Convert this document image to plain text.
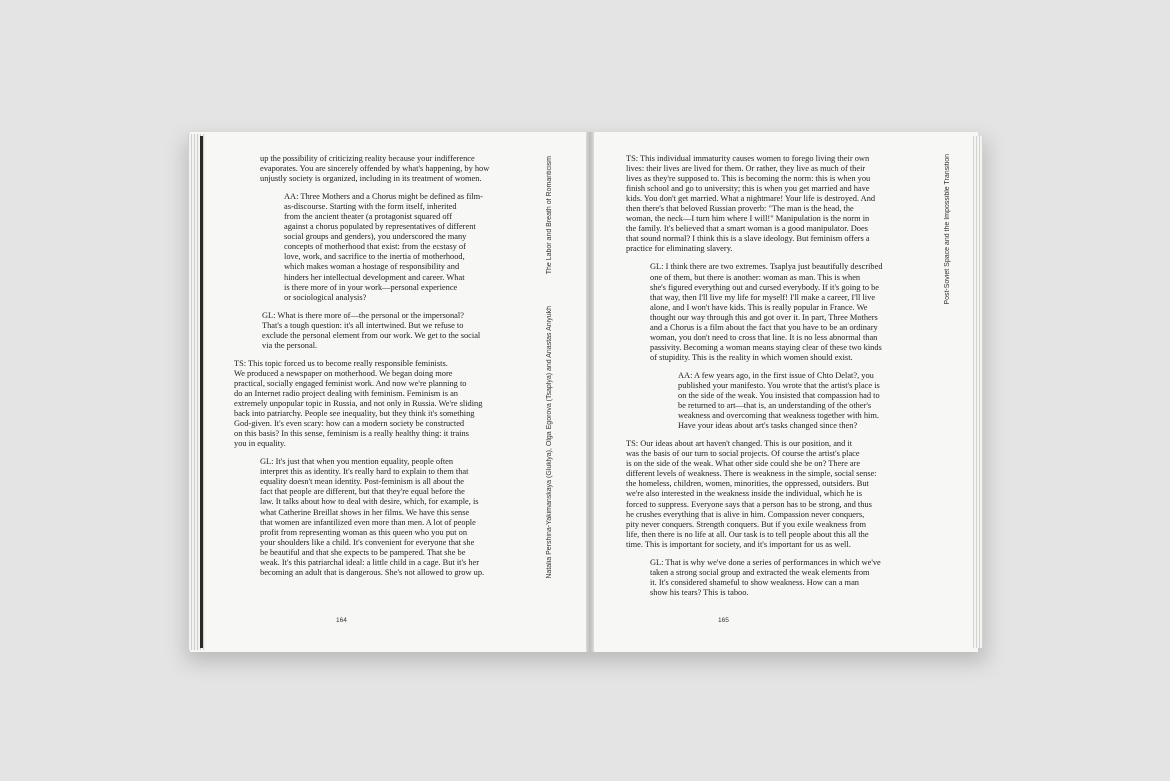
up the possibility of criticizing reality because your indifference
evaporates. You are sincerely offended by what's happening, by how
unjustly society is organized, including in its treatment of women.

AA: Three Mothers and a Chorus might be defined as film-
as-discourse. Starting with the form itself, inherited
from the ancient theater (a protagonist squared off
against a chorus populated by representatives of different
social groups and genders), you underscored the many
concepts of motherhood that exist: from the ecstasy of
love, work, and sacrifice to the inertia of motherhood,
which makes woman a hostage of responsibility and
hinders her intellectual development and career. What
is there more of in your work—personal experience
or sociological analysis?

GL: What is there more of—the personal or the impersonal?
That's a tough question: it's all intertwined. But we refuse to
exclude the personal element from our work. We get to the social
via the personal.

TS: This topic forced us to become really responsible feminists.
We produced a newspaper on motherhood. We began doing more
practical, socially engaged feminist work. And now we're planning to
do an Internet radio project dealing with feminism. Feminism is an
extremely unpopular topic in Russia, and not only in Russia. We're sliding
back into patriarchy. People see inequality, but they think it's something
God-given. It's even scary: how can a modern society be constructed
on this basis? In this sense, feminism is a really healthy thing: it trains
you in equality.

GL: It's just that when you mention equality, people often
interpret this as identity. It's really hard to explain to them that
equality doesn't mean identity. Post-feminism is all about the
fact that people are different, but that they're equal before the
law. It talks about how to deal with desire, which, for example, is
what Catherine Breillat shows in her films. We have this sense
that women are infantilized even more than men. A lot of people
profit from representing woman as this queen who you put on
your shoulders like a child. It's convenient for everyone that she
be beautiful and that she expects to be pampered. That she be
weak. It's this patriarchal ideal: a little child in a cage. But it's her
becoming an adult that is dangerous. She's not allowed to grow up.

The Labor and Breath of Romanticism
Natalia Pershina-Yakimanskaya (Gluklya), Olga Egorova (Tsaplya) and Anastas Aniyukh
164

TS: This individual immaturity causes women to forego living their own
lives: their lives are lived for them. Or rather, they live as much of their
lives as they're supposed to. This is becoming the norm: this is when you
finish school and go to university; this is when you get married and have
kids. You don't get married. What a nightmare! Your life is destroyed. And
then there's that beloved Russian proverb: "The man is the head, the
woman, the neck—I turn him where I will!" Manipulation is the norm in
the family. It's believed that a smart woman is a good manipulator. Does
that sound normal? I think this is a slave ideology. But feminism offers a
practice for eliminating slavery.

GL: I think there are two extremes. Tsaplya just beautifully described
one of them, but there is another: woman as man. This is when
she's figured everything out and cursed everybody. If it's going to be
that way, then I'll live my life for myself! I'll make a career, I'll live
alone, and I won't have kids. This is really popular in France. We
thought our way through this and got over it. In part, Three Mothers
and a Chorus is a film about the fact that you have to be an ordinary
woman, you don't need to cross that line. It is no less abnormal than
passivity. Becoming a woman means staying clear of these two kinds
of stupidity. This is the reality in which women should exist.

AA: A few years ago, in the first issue of Chto Delat?, you
published your manifesto. You wrote that the artist's place is
on the side of the weak. You insisted that compassion had to
be returned to art—that is, an understanding of the other's
weakness and overcoming that weakness together with him.
Have your ideas about art's tasks changed since then?

TS: Our ideas about art haven't changed. This is our position, and it
was the basis of our turn to social projects. Of course the artist's place
is on the side of the weak. What other side could she be on? There are
different levels of weakness. There is weakness in the simple, social sense:
the homeless, children, women, minorities, the oppressed, outsiders. But
we're also interested in the weakness inside the individual, which he is
forced to suppress. Everyone says that a person has to be strong, and thus
he crushes everything that is alive in him. Compassion never conquers,
pity never conquers. Strength conquers. But if you exile weakness from
life, then there is no life at all. Our task is to tell people about this all the
time. This is important for society, and it's important for us as well.

GL: That is why we've done a series of performances in which we've
taken a strong social group and extracted the weak elements from
it. It's considered shameful to show weakness. How can a man
show his tears? This is taboo.

Post-Soviet Space and the Impossible Transition
165
